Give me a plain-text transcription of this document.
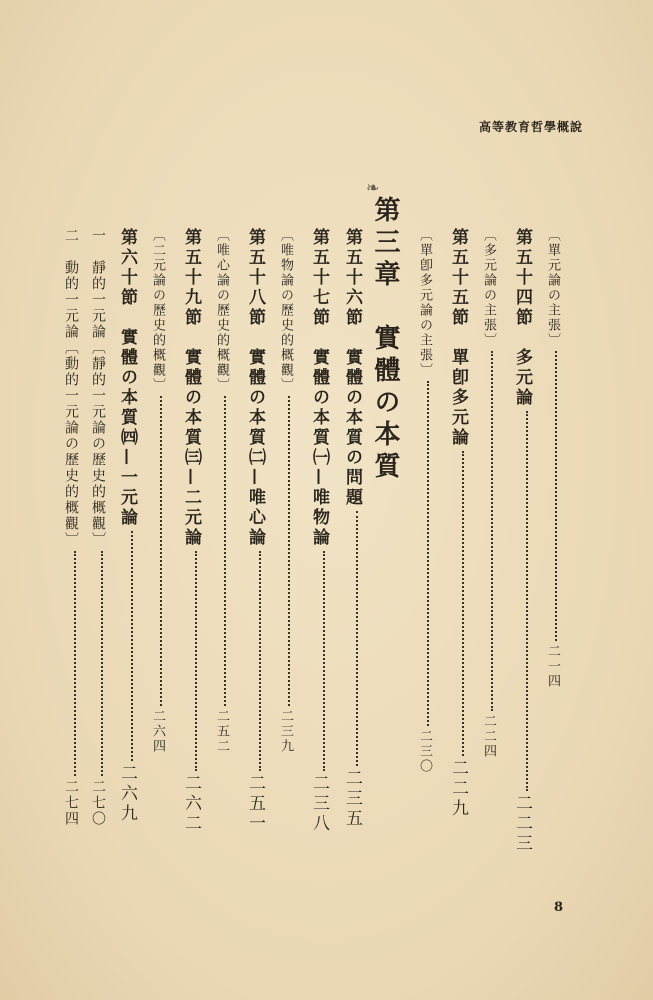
高等教育哲學概說
❧
第三章　實體の本質	〔單元論の主張〕二一四
第五十四節　多元論二二三
〔多元論の主張〕二二四
第五十五節　單卽多元論二二九
〔單卽多元論の主張〕二三〇
第五十六節　實體の本質の問題二三五
第五十七節　實體の本質㈠—唯物論二三八
〔唯物論の歷史的概觀〕二三九
第五十八節　實體の本質㈡—唯心論二五一
〔唯心論の歷史的概觀〕二五二
第五十九節　實體の本質㈢—二元論二六二
〔二元論の歷史的概觀〕二六四
第六十節　實體の本質㈣—一元論二六九
一　靜的一元論〔靜的一元論の歷史的概觀〕二七〇
二　動的一元論〔動的一元論の歷史的概觀〕二七四
8
